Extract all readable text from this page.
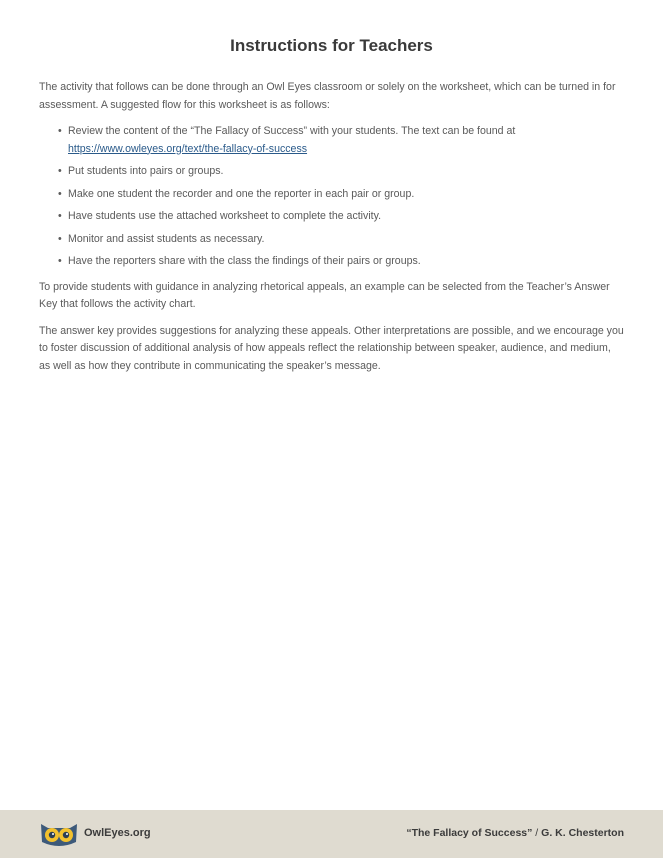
Instructions for Teachers

The activity that follows can be done through an Owl Eyes classroom or solely on the worksheet, which can be turned in for assessment. A suggested flow for this worksheet is as follows:

• Review the content of the “The Fallacy of Success” with your students. The text can be found at https://www.owleyes.org/text/the-fallacy-of-success
• Put students into pairs or groups.
• Make one student the recorder and one the reporter in each pair or group.
• Have students use the attached worksheet to complete the activity.
• Monitor and assist students as necessary.
• Have the reporters share with the class the findings of their pairs or groups.

To provide students with guidance in analyzing rhetorical appeals, an example can be selected from the Teacher’s Answer Key that follows the activity chart.

The answer key provides suggestions for analyzing these appeals. Other interpretations are possible, and we encourage you to foster discussion of additional analysis of how appeals reflect the relationship between speaker, audience, and medium, as well as how they contribute in communicating the speaker’s message.

OwlEyes.org	“The Fallacy of Success” / G. K. Chesterton
